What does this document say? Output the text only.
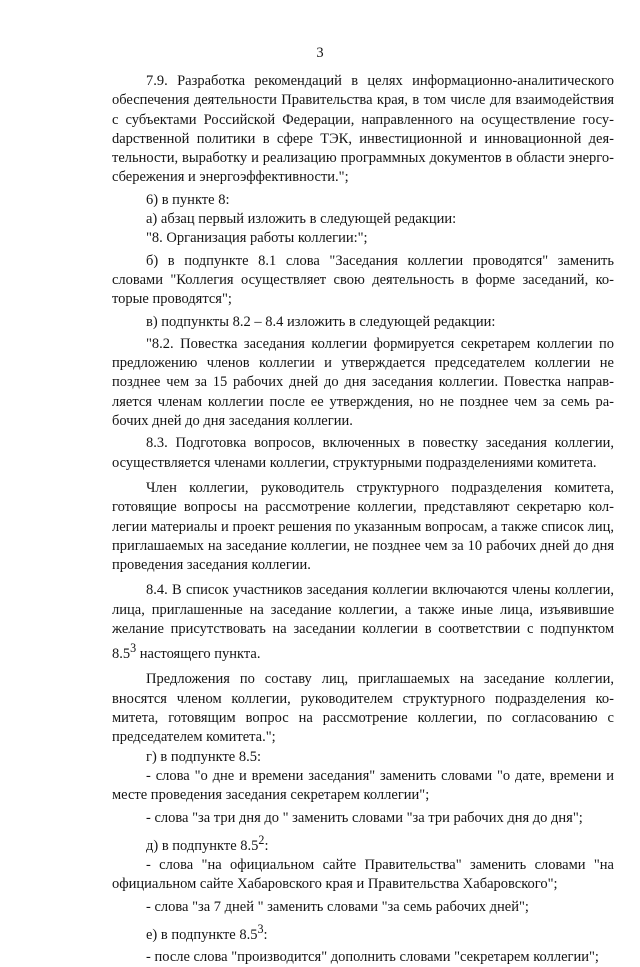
3

7.9. Разработка рекомендаций в целях информационно-аналитического обеспечения деятельности Правительства края, в том числе для взаимодействия с субъектами Российской Федерации, направленного на осуществление госуdарственной политики в сфере ТЭК, инвестиционной и инновационной деятельности, выработку и реализацию программных документов в области энергосбережения и энергоэффективности.";

6) в пункте 8:

а) абзац первый изложить в следующей редакции:

"8. Организация работы коллегии:";

б) в подпункте 8.1 слова "Заседания коллегии проводятся" заменить словами "Коллегия осуществляет свою деятельность в форме заседаний, которые проводятся";

в) подпункты 8.2 – 8.4 изложить в следующей редакции:

"8.2. Повестка заседания коллегии формируется секретарем коллегии по предложению членов коллегии и утверждается председателем коллегии не позднее чем за 15 рабочих дней до дня заседания коллегии. Повестка направляется членам коллегии после ее утверждения, но не позднее чем за семь рабочих дней до дня заседания коллегии.

8.3. Подготовка вопросов, включенных в повестку заседания коллегии, осуществляется членами коллегии, структурными подразделениями комитета.

Член коллегии, руководитель структурного подразделения комитета, готовящие вопросы на рассмотрение коллегии, представляют секретарю коллегии материалы и проект решения по указанным вопросам, а также список лиц, приглашаемых на заседание коллегии, не позднее чем за 10 рабочих дней до дня проведения заседания коллегии.

8.4. В список участников заседания коллегии включаются члены коллегии, лица, приглашенные на заседание коллегии, а также иные лица, изъявившие желание присутствовать на заседании коллегии в соответствии с подпунктом $8.5^3$ настоящего пункта.

Предложения по составу лиц, приглашаемых на заседание коллегии, вносятся членом коллегии, руководителем структурного подразделения комитета, готовящим вопрос на рассмотрение коллегии, по согласованию с председателем комитета.";

г) в подпункте 8.5:

- слова "о дне и времени заседания" заменить словами "о дате, времени и месте проведения заседания секретарем коллегии";

- слова "за три дня до " заменить словами "за три рабочих дня до дня";

д) в подпункте $8.5^2$:

- слова "на официальном сайте Правительства" заменить словами "на официальном сайте Хабаровского края и Правительства Хабаровского";

- слова "за 7 дней " заменить словами "за семь рабочих дней";

е) в подпункте $8.5^3$:

- после слова "производится" дополнить словами "секретарем коллегии";
